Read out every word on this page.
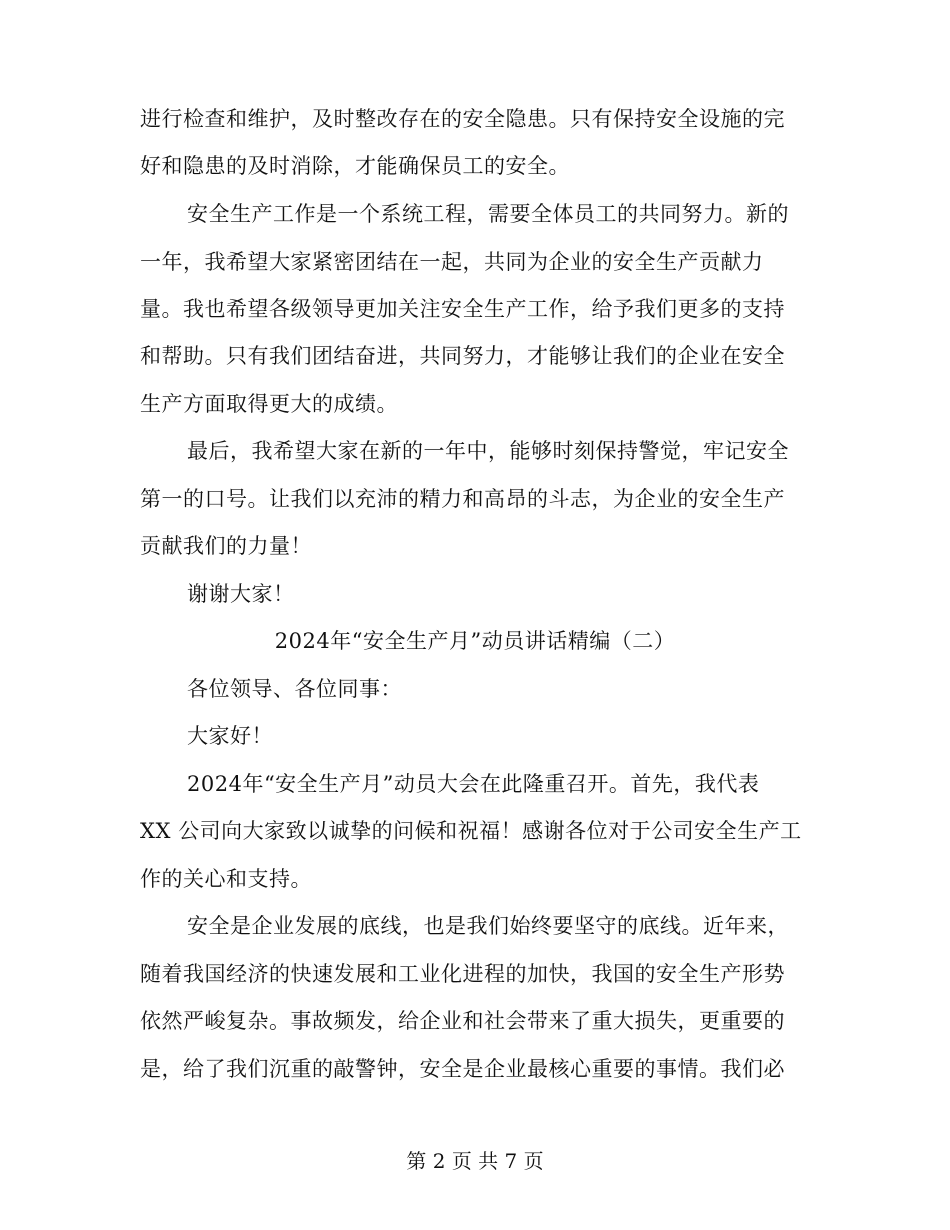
进行检查和维护，及时整改存在的安全隐患。只有保持安全设施的完
好和隐患的及时消除，才能确保员工的安全。
安全生产工作是一个系统工程，需要全体员工的共同努力。新的
一年，我希望大家紧密团结在一起，共同为企业的安全生产贡献力
量。我也希望各级领导更加关注安全生产工作，给予我们更多的支持
和帮助。只有我们团结奋进，共同努力，才能够让我们的企业在安全
生产方面取得更大的成绩。
最后，我希望大家在新的一年中，能够时刻保持警觉，牢记安全
第一的口号。让我们以充沛的精力和高昂的斗志，为企业的安全生产
贡献我们的力量！
谢谢大家！
2024年“安全生产月”动员讲话精编（二）
各位领导、各位同事：
大家好！
2024年“安全生产月”动员大会在此隆重召开。首先，我代表
XX 公司向大家致以诚挚的问候和祝福！感谢各位对于公司安全生产工
作的关心和支持。
安全是企业发展的底线，也是我们始终要坚守的底线。近年来，
随着我国经济的快速发展和工业化进程的加快，我国的安全生产形势
依然严峻复杂。事故频发，给企业和社会带来了重大损失，更重要的
是，给了我们沉重的敲警钟，安全是企业最核心重要的事情。我们必
第 2 页 共 7 页
